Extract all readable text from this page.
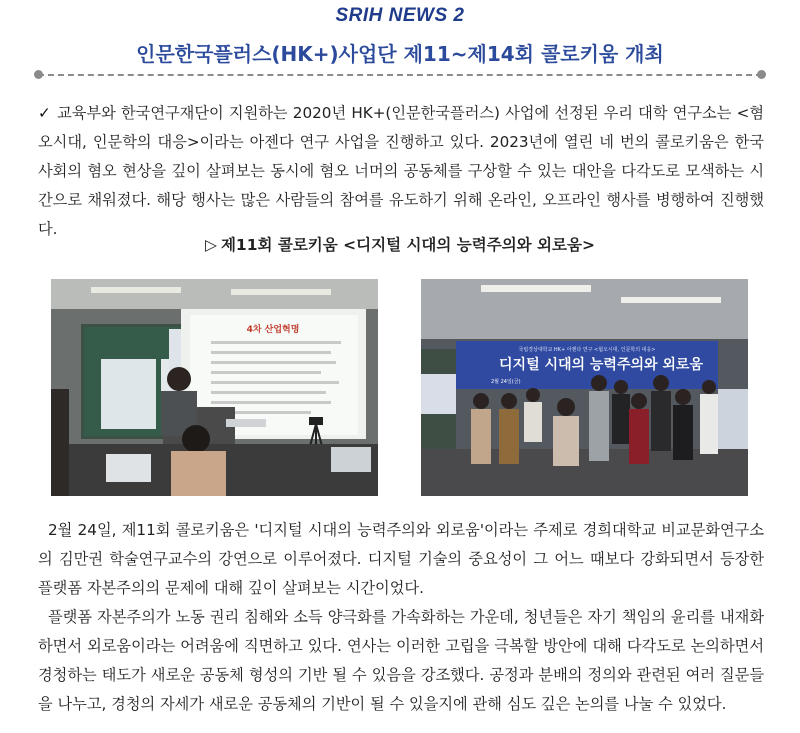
SRIH NEWS 2
인문한국플러스(HK+)사업단 제11~제14회 콜로키움 개최

✓ 교육부와 한국연구재단이 지원하는 2020년 HK+(인문한국플러스) 사업에 선정된 우리 대학 연구소는 <혐오시대, 인문학의 대응>이라는 아젠다 연구 사업을 진행하고 있다. 2023년에 열린 네 번의 콜로키움은 한국 사회의 혐오 현상을 깊이 살펴보는 동시에 혐오 너머의 공동체를 구상할 수 있는 대안을 다각도로 모색하는 시간으로 채워졌다. 해당 행사는 많은 사람들의 참여를 유도하기 위해 온라인, 오프라인 행사를 병행하여 진행했다.

▷ 제11회 콜로키움 <디지털 시대의 능력주의와 외로움>
4차 산업혁명
국립경상대학교 HK+ 아젠다 연구 <혐오시대, 인문학의 대응>
디지털 시대의 능력주의와 외로움
2월 24일(금)

2월 24일, 제11회 콜로키움은 '디지털 시대의 능력주의와 외로움'이라는 주제로 경희대학교 비교문화연구소의 김만권 학술연구교수의 강연으로 이루어졌다. 디지털 기술의 중요성이 그 어느 때보다 강화되면서 등장한 플랫폼 자본주의의 문제에 대해 깊이 살펴보는 시간이었다.

플랫폼 자본주의가 노동 권리 침해와 소득 양극화를 가속화하는 가운데, 청년들은 자기 책임의 윤리를 내재화하면서 외로움이라는 어려움에 직면하고 있다. 연사는 이러한 고립을 극복할 방안에 대해 다각도로 논의하면서 경청하는 태도가 새로운 공동체 형성의 기반 될 수 있음을 강조했다. 공정과 분배의 정의와 관련된 여러 질문들을 나누고, 경청의 자세가 새로운 공동체의 기반이 될 수 있을지에 관해 심도 깊은 논의를 나눌 수 있었다.
